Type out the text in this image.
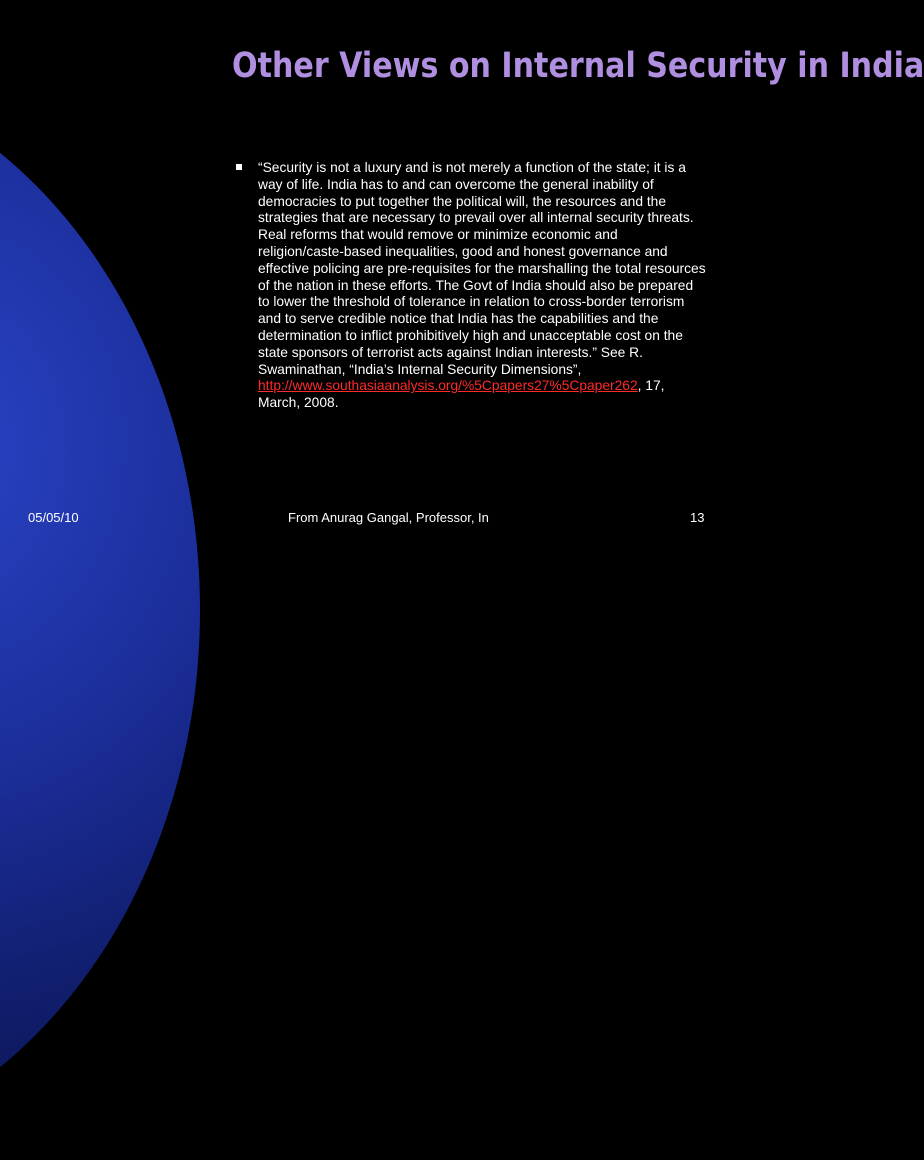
Other Views on Internal Security in India
“Security is not a luxury and is not merely a function of the state; it is a way of life. India has to and can overcome the general inability of democracies to put together the political will, the resources and the strategies that are necessary to prevail over all internal security threats. Real reforms that would remove or minimize economic and religion/caste-based inequalities, good and honest governance and effective policing are pre-requisites for the marshalling the total resources of the nation in these efforts. The Govt of India should also be prepared to lower the threshold of tolerance in relation to cross-border terrorism and to serve credible notice that India has the capabilities and the determination to inflict prohibitively high and unacceptable cost on the state sponsors of terrorist acts against Indian interests.” See R. Swaminathan, “India’s Internal Security Dimensions”, http://www.southasiaanalysis.org/%5Cpapers27%5Cpaper262, 17, March, 2008.
05/05/10	From Anurag Gangal, Professor, In	13
